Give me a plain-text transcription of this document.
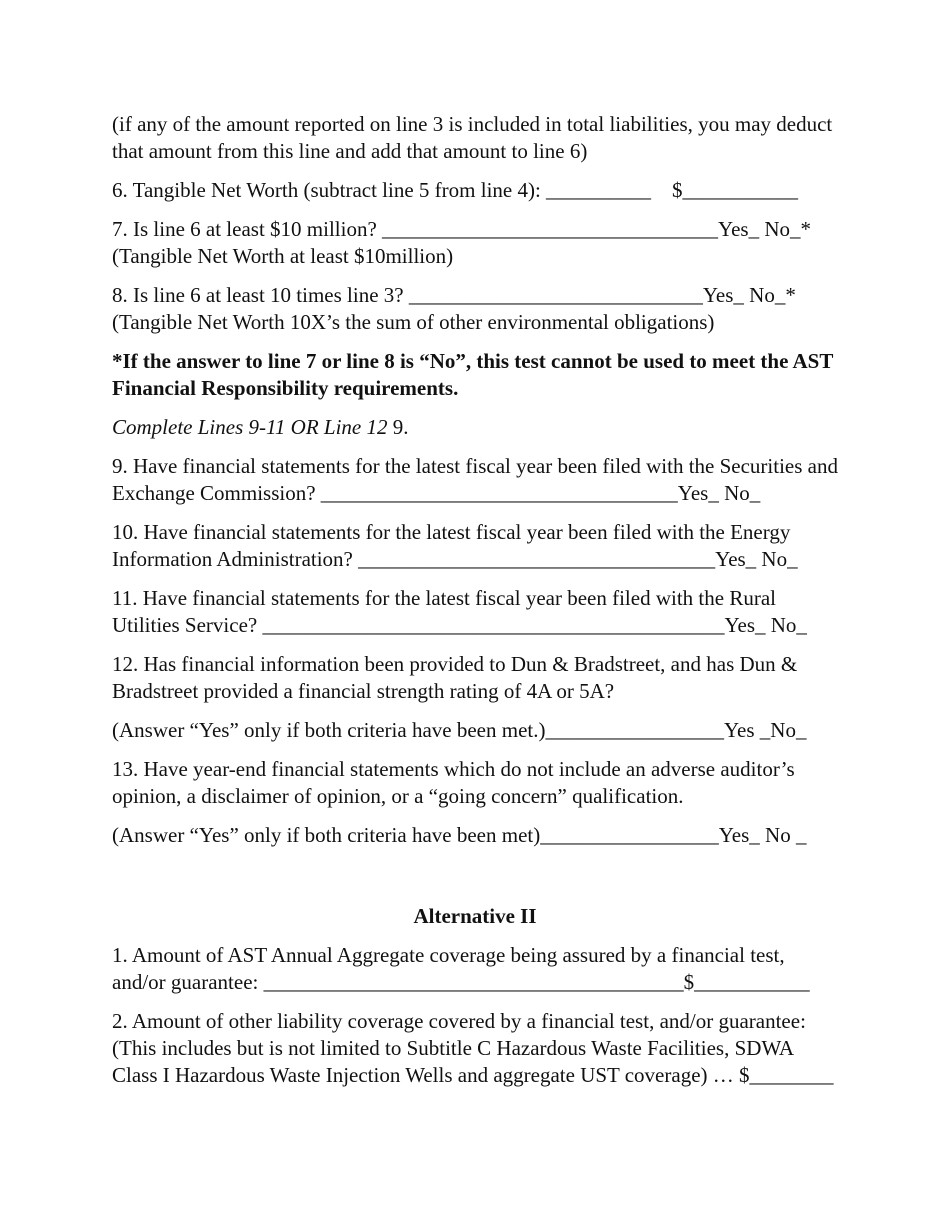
(if any of the amount reported on line 3 is included in total liabilities, you may deduct that amount from this line and add that amount to line 6)

6. Tangible Net Worth (subtract line 5 from line 4): __________    $___________

7. Is line 6 at least $10 million? ________________________________Yes_ No_*
(Tangible Net Worth at least $10million)

8. Is line 6 at least 10 times line 3? ____________________________Yes_ No_*
(Tangible Net Worth 10X’s the sum of other environmental obligations)

*If the answer to line 7 or line 8 is “No”, this test cannot be used to meet the AST Financial Responsibility requirements.

Complete Lines 9-11 OR Line 12 9.

9. Have financial statements for the latest fiscal year been filed with the Securities and Exchange Commission? __________________________________Yes_ No_

10. Have financial statements for the latest fiscal year been filed with the Energy Information Administration? __________________________________Yes_ No_

11. Have financial statements for the latest fiscal year been filed with the Rural Utilities Service? ____________________________________________Yes_ No_

12. Has financial information been provided to Dun & Bradstreet, and has Dun & Bradstreet provided a financial strength rating of 4A or 5A?

(Answer “Yes” only if both criteria have been met.)_________________Yes _No_

13. Have year-end financial statements which do not include an adverse auditor’s opinion, a disclaimer of opinion, or a “going concern” qualification.

(Answer “Yes” only if both criteria have been met)_________________Yes_ No _

Alternative II

1. Amount of AST Annual Aggregate coverage being assured by a financial test, and/or guarantee: ________________________________________$___________

2. Amount of other liability coverage covered by a financial test, and/or guarantee: (This includes but is not limited to Subtitle C Hazardous Waste Facilities, SDWA Class I Hazardous Waste Injection Wells and aggregate UST coverage) … $________
